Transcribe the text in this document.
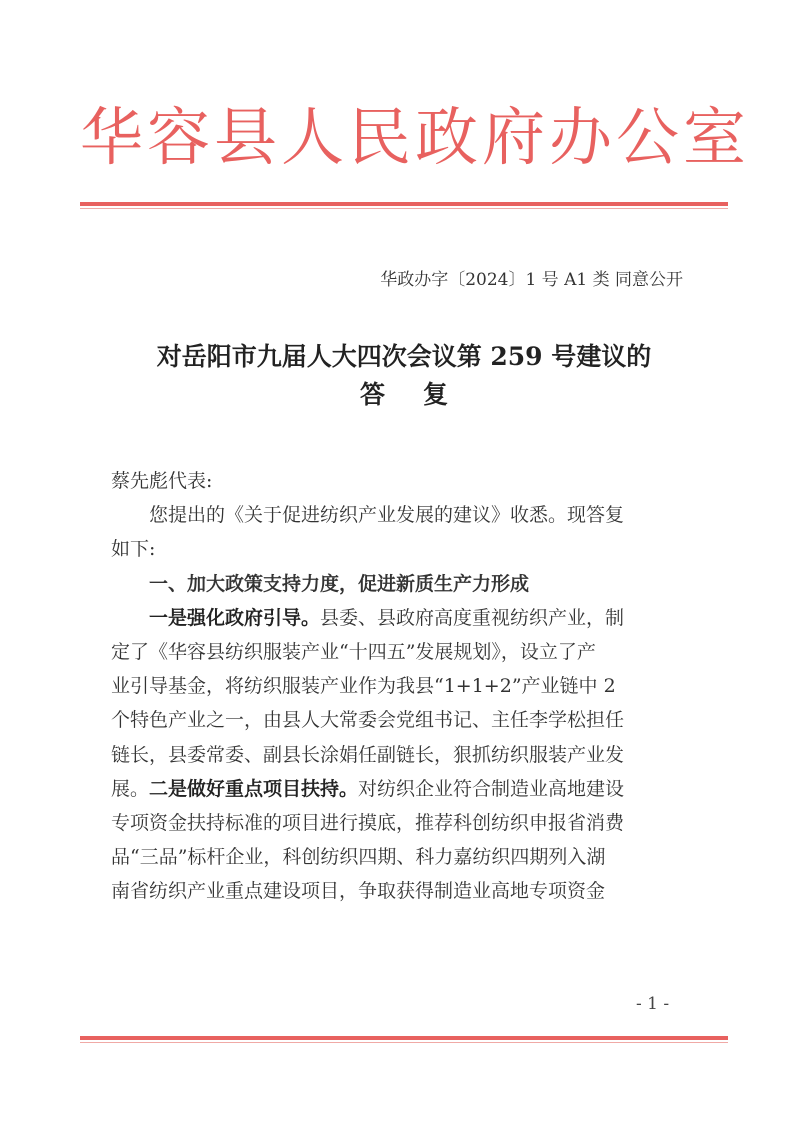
华容县人民政府办公室
华政办字〔2024〕1 号 A1 类 同意公开
对岳阳市九届人大四次会议第 259 号建议的
答复
蔡先彪代表:
您提出的《关于促进纺织产业发展的建议》收悉。现答复
如下:
一、加大政策支持力度，促进新质生产力形成
一是强化政府引导。县委、县政府高度重视纺织产业，制
定了《华容县纺织服装产业“十四五”发展规划》，设立了产
业引导基金，将纺织服装产业作为我县“1+1+2”产业链中 2
个特色产业之一，由县人大常委会党组书记、主任李学松担任
链长，县委常委、副县长涂娟任副链长，狠抓纺织服装产业发
展。二是做好重点项目扶持。对纺织企业符合制造业高地建设
专项资金扶持标准的项目进行摸底，推荐科创纺织申报省消费
品“三品”标杆企业，科创纺织四期、科力嘉纺织四期列入湖
南省纺织产业重点建设项目，争取获得制造业高地专项资金
- 1 -
